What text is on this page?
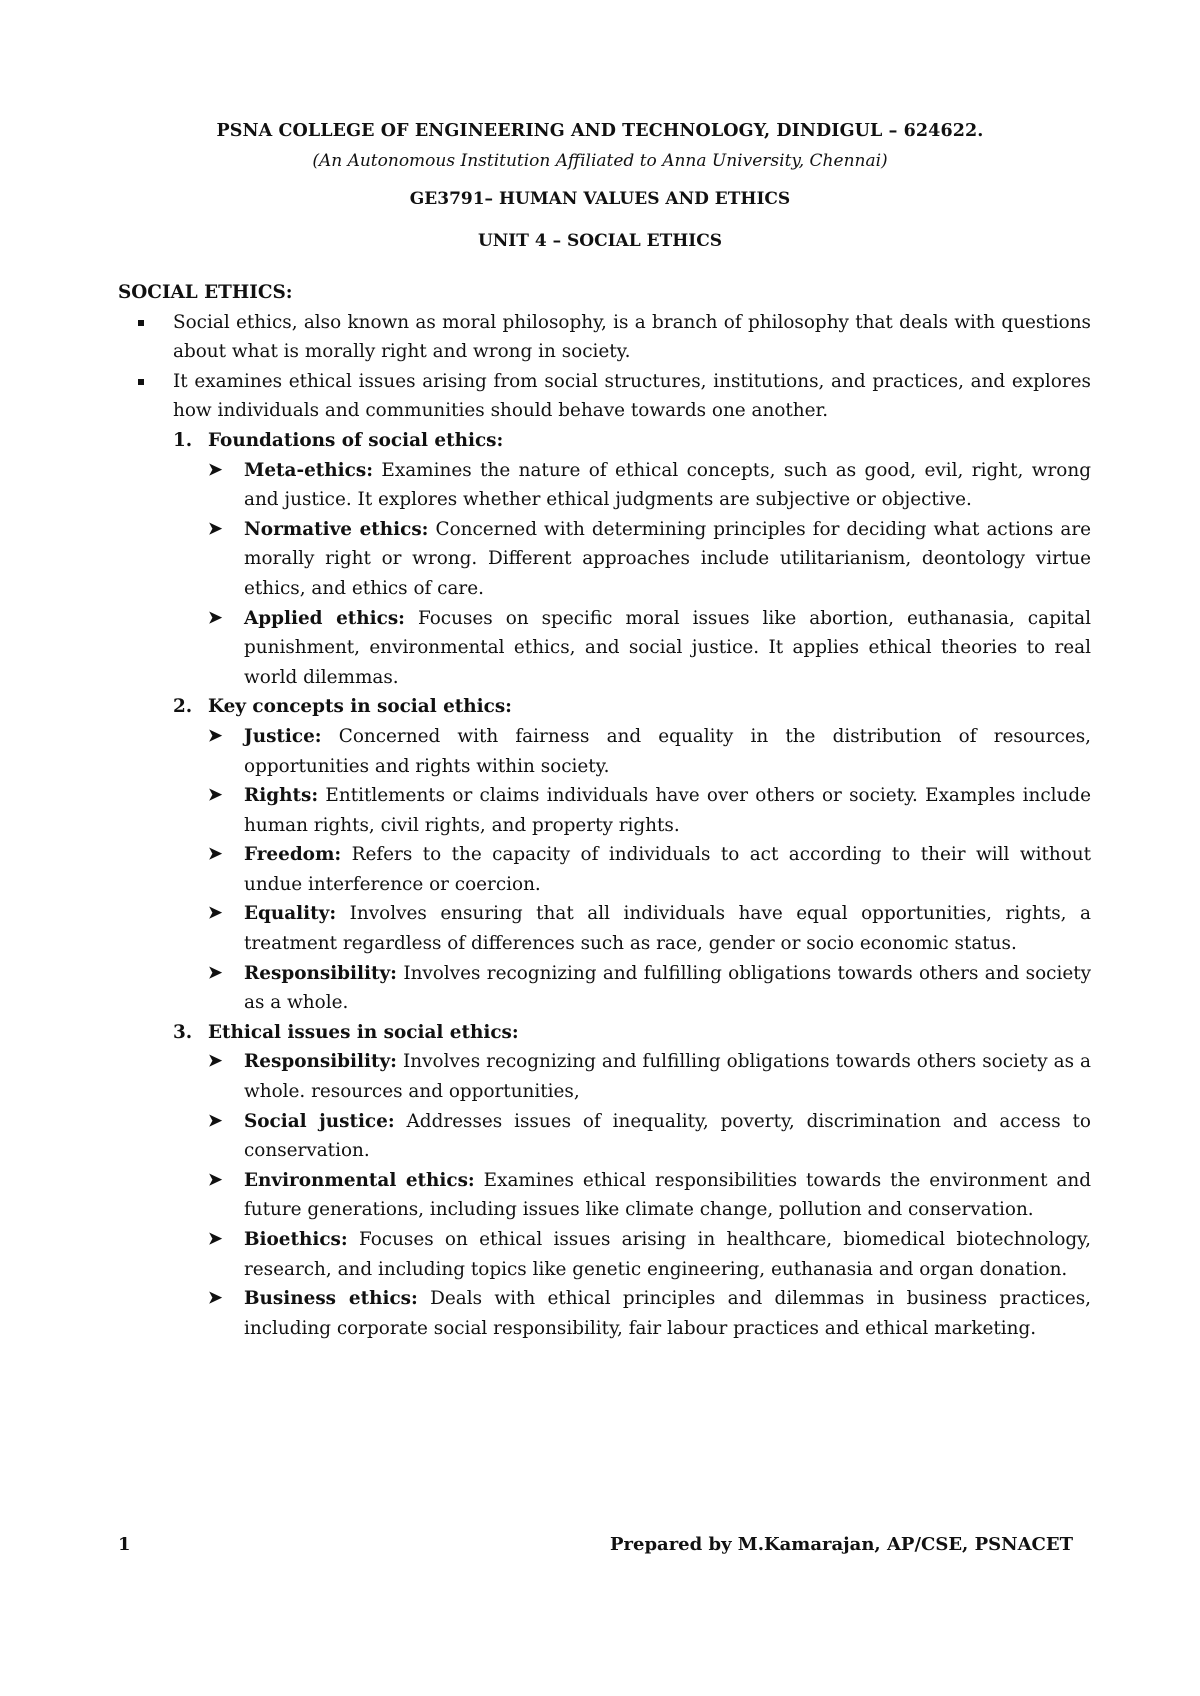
PSNA COLLEGE OF ENGINEERING AND TECHNOLOGY, DINDIGUL – 624622.
(An Autonomous Institution Affiliated to Anna University, Chennai)
GE3791– HUMAN VALUES AND ETHICS
UNIT 4 – SOCIAL ETHICS
SOCIAL ETHICS:
Social ethics, also known as moral philosophy, is a branch of philosophy that deals with questions about what is morally right and wrong in society.
It examines ethical issues arising from social structures, institutions, and practices, and explores how individuals and communities should behave towards one another.
1. Foundations of social ethics:
➤ Meta-ethics: Examines the nature of ethical concepts, such as good, evil, right, wrong and justice. It explores whether ethical judgments are subjective or objective.
➤ Normative ethics: Concerned with determining principles for deciding what actions are morally right or wrong. Different approaches include utilitarianism, deontology virtue ethics, and ethics of care.
➤ Applied ethics: Focuses on specific moral issues like abortion, euthanasia, capital punishment, environmental ethics, and social justice. It applies ethical theories to real world dilemmas.
2. Key concepts in social ethics:
➤ Justice: Concerned with fairness and equality in the distribution of resources, opportunities and rights within society.
➤ Rights: Entitlements or claims individuals have over others or society. Examples include human rights, civil rights, and property rights.
➤ Freedom: Refers to the capacity of individuals to act according to their will without undue interference or coercion.
➤ Equality: Involves ensuring that all individuals have equal opportunities, rights, a treatment regardless of differences such as race, gender or socio economic status.
➤ Responsibility: Involves recognizing and fulfilling obligations towards others and society as a whole.
3. Ethical issues in social ethics:
➤ Responsibility: Involves recognizing and fulfilling obligations towards others society as a whole. resources and opportunities,
➤ Social justice: Addresses issues of inequality, poverty, discrimination and access to conservation.
➤ Environmental ethics: Examines ethical responsibilities towards the environment and future generations, including issues like climate change, pollution and conservation.
➤ Bioethics: Focuses on ethical issues arising in healthcare, biomedical biotechnology, research, and including topics like genetic engineering, euthanasia and organ donation.
➤ Business ethics: Deals with ethical principles and dilemmas in business practices, including corporate social responsibility, fair labour practices and ethical marketing.
1	Prepared by M.Kamarajan, AP/CSE, PSNACET
